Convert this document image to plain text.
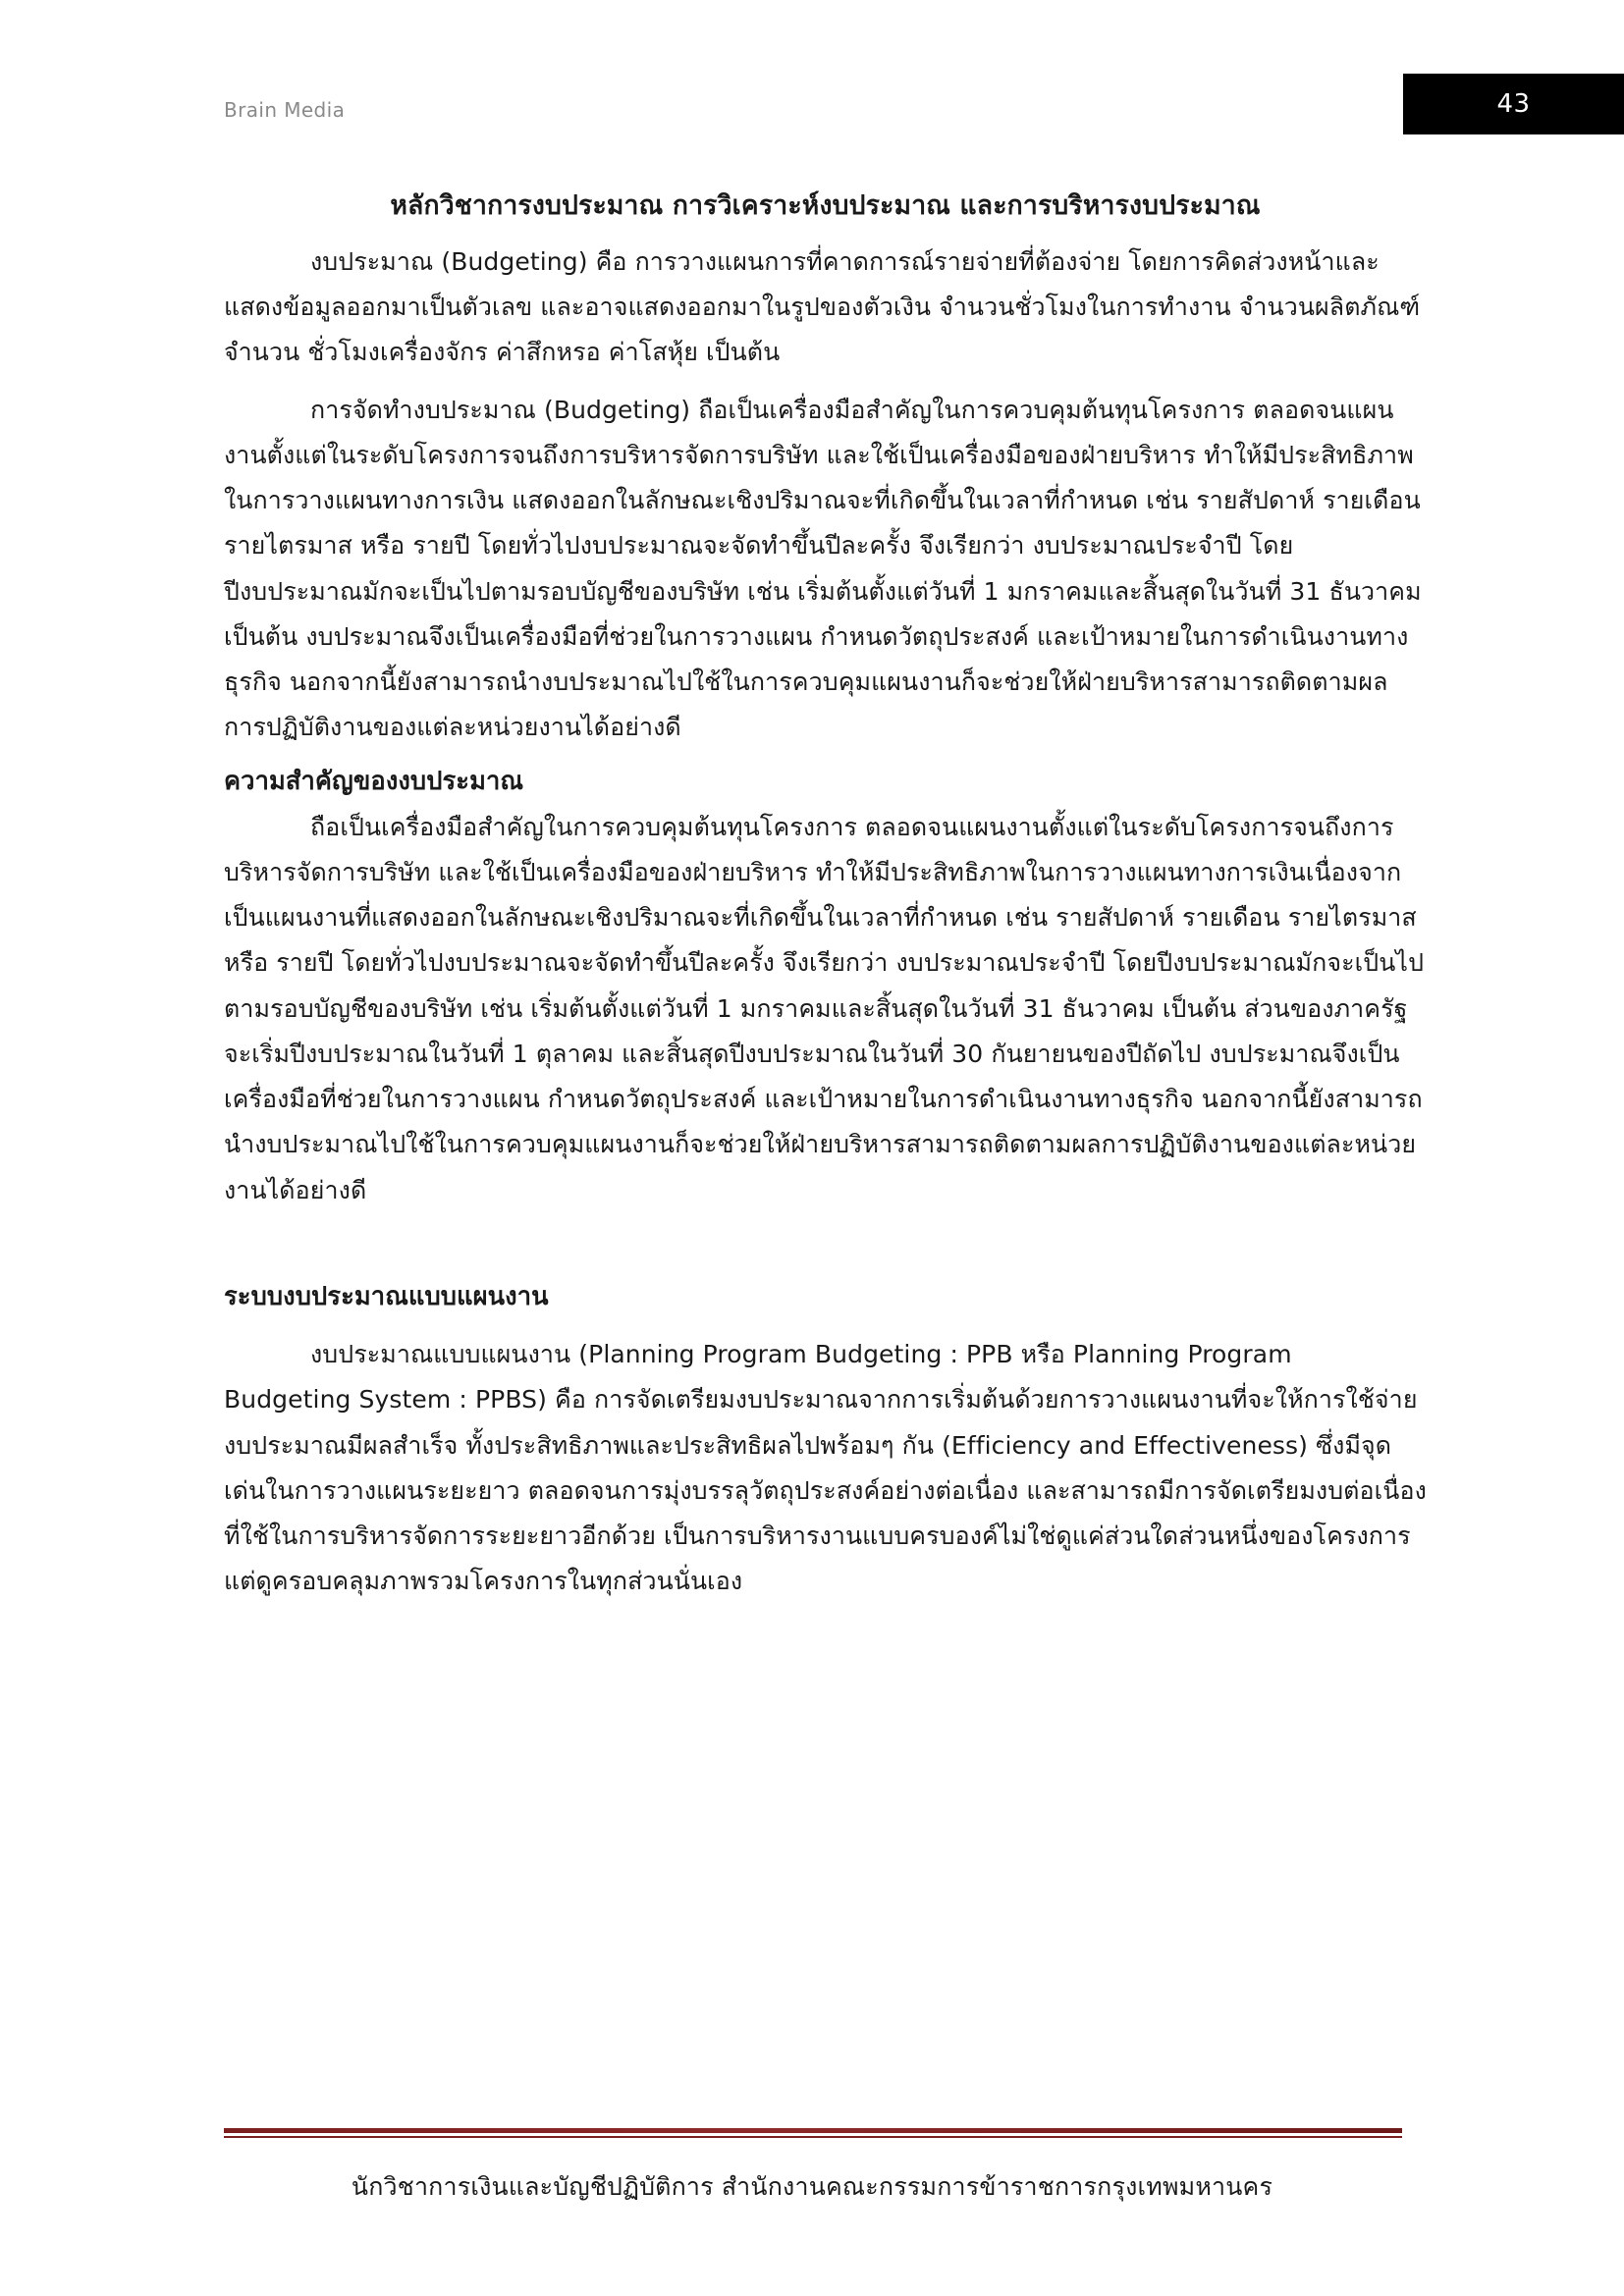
Brain Media	43
หลักวิชาการงบประมาณ การวิเคราะห์งบประมาณ และการบริหารงบประมาณ

งบประมาณ (Budgeting) คือ การวางแผนการที่คาดการณ์รายจ่ายที่ต้องจ่าย โดยการคิดส่วงหน้าและแสดงข้อมูลออกมาเป็นตัวเลข และอาจแสดงออกมาในรูปของตัวเงิน จำนวนชั่วโมงในการทำงาน จำนวนผลิตภัณฑ์จำนวน ชั่วโมงเครื่องจักร ค่าสึกหรอ ค่าโสหุ้ย เป็นต้น

การจัดทำงบประมาณ (Budgeting) ถือเป็นเครื่องมือสำคัญในการควบคุมต้นทุนโครงการ ตลอดจนแผนงานตั้งแต่ในระดับโครงการจนถึงการบริหารจัดการบริษัท และใช้เป็นเครื่องมือของฝ่ายบริหาร ทำให้มีประสิทธิภาพในการวางแผนทางการเงิน แสดงออกในลักษณะเชิงปริมาณจะที่เกิดขึ้นในเวลาที่กำหนด เช่น รายสัปดาห์ รายเดือน รายไตรมาส หรือ รายปี โดยทั่วไปงบประมาณจะจัดทำขึ้นปีละครั้ง จึงเรียกว่า งบประมาณประจำปี โดยปีงบประมาณมักจะเป็นไปตามรอบบัญชีของบริษัท เช่น เริ่มต้นตั้งแต่วันที่ 1 มกราคมและสิ้นสุดในวันที่ 31 ธันวาคม เป็นต้น งบประมาณจึงเป็นเครื่องมือที่ช่วยในการวางแผน กำหนดวัตถุประสงค์ และเป้าหมายในการดำเนินงานทางธุรกิจ นอกจากนี้ยังสามารถนำงบประมาณไปใช้ในการควบคุมแผนงานก็จะช่วยให้ฝ่ายบริหารสามารถติดตามผลการปฏิบัติงานของแต่ละหน่วยงานได้อย่างดี

ความสำคัญของงบประมาณ

ถือเป็นเครื่องมือสำคัญในการควบคุมต้นทุนโครงการ ตลอดจนแผนงานตั้งแต่ในระดับโครงการจนถึงการบริหารจัดการบริษัท และใช้เป็นเครื่องมือของฝ่ายบริหาร ทำให้มีประสิทธิภาพในการวางแผนทางการเงินเนื่องจากเป็นแผนงานที่แสดงออกในลักษณะเชิงปริมาณจะที่เกิดขึ้นในเวลาที่กำหนด เช่น รายสัปดาห์ รายเดือน รายไตรมาส หรือ รายปี โดยทั่วไปงบประมาณจะจัดทำขึ้นปีละครั้ง จึงเรียกว่า งบประมาณประจำปี โดยปีงบประมาณมักจะเป็นไปตามรอบบัญชีของบริษัท เช่น เริ่มต้นตั้งแต่วันที่ 1 มกราคมและสิ้นสุดในวันที่ 31 ธันวาคม เป็นต้น ส่วนของภาครัฐจะเริ่มปีงบประมาณในวันที่ 1 ตุลาคม และสิ้นสุดปีงบประมาณในวันที่ 30 กันยายนของปีถัดไป งบประมาณจึงเป็นเครื่องมือที่ช่วยในการวางแผน กำหนดวัตถุประสงค์ และเป้าหมายในการดำเนินงานทางธุรกิจ นอกจากนี้ยังสามารถนำงบประมาณไปใช้ในการควบคุมแผนงานก็จะช่วยให้ฝ่ายบริหารสามารถติดตามผลการปฏิบัติงานของแต่ละหน่วยงานได้อย่างดี

ระบบงบประมาณแบบแผนงาน

งบประมาณแบบแผนงาน (Planning Program Budgeting : PPB หรือ Planning Program Budgeting System : PPBS) คือ การจัดเตรียมงบประมาณจากการเริ่มต้นด้วยการวางแผนงานที่จะให้การใช้จ่ายงบประมาณมีผลสำเร็จ ทั้งประสิทธิภาพและประสิทธิผลไปพร้อมๆ กัน (Efficiency and Effectiveness) ซึ่งมีจุดเด่นในการวางแผนระยะยาว ตลอดจนการมุ่งบรรลุวัตถุประสงค์อย่างต่อเนื่อง และสามารถมีการจัดเตรียมงบต่อเนื่องที่ใช้ในการบริหารจัดการระยะยาวอีกด้วย เป็นการบริหารงานแบบครบองค์ไม่ใช่ดูแค่ส่วนใดส่วนหนึ่งของโครงการแต่ดูครอบคลุมภาพรวมโครงการในทุกส่วนนั่นเอง

นักวิชาการเงินและบัญชีปฏิบัติการ สำนักงานคณะกรรมการข้าราชการกรุงเทพมหานคร
